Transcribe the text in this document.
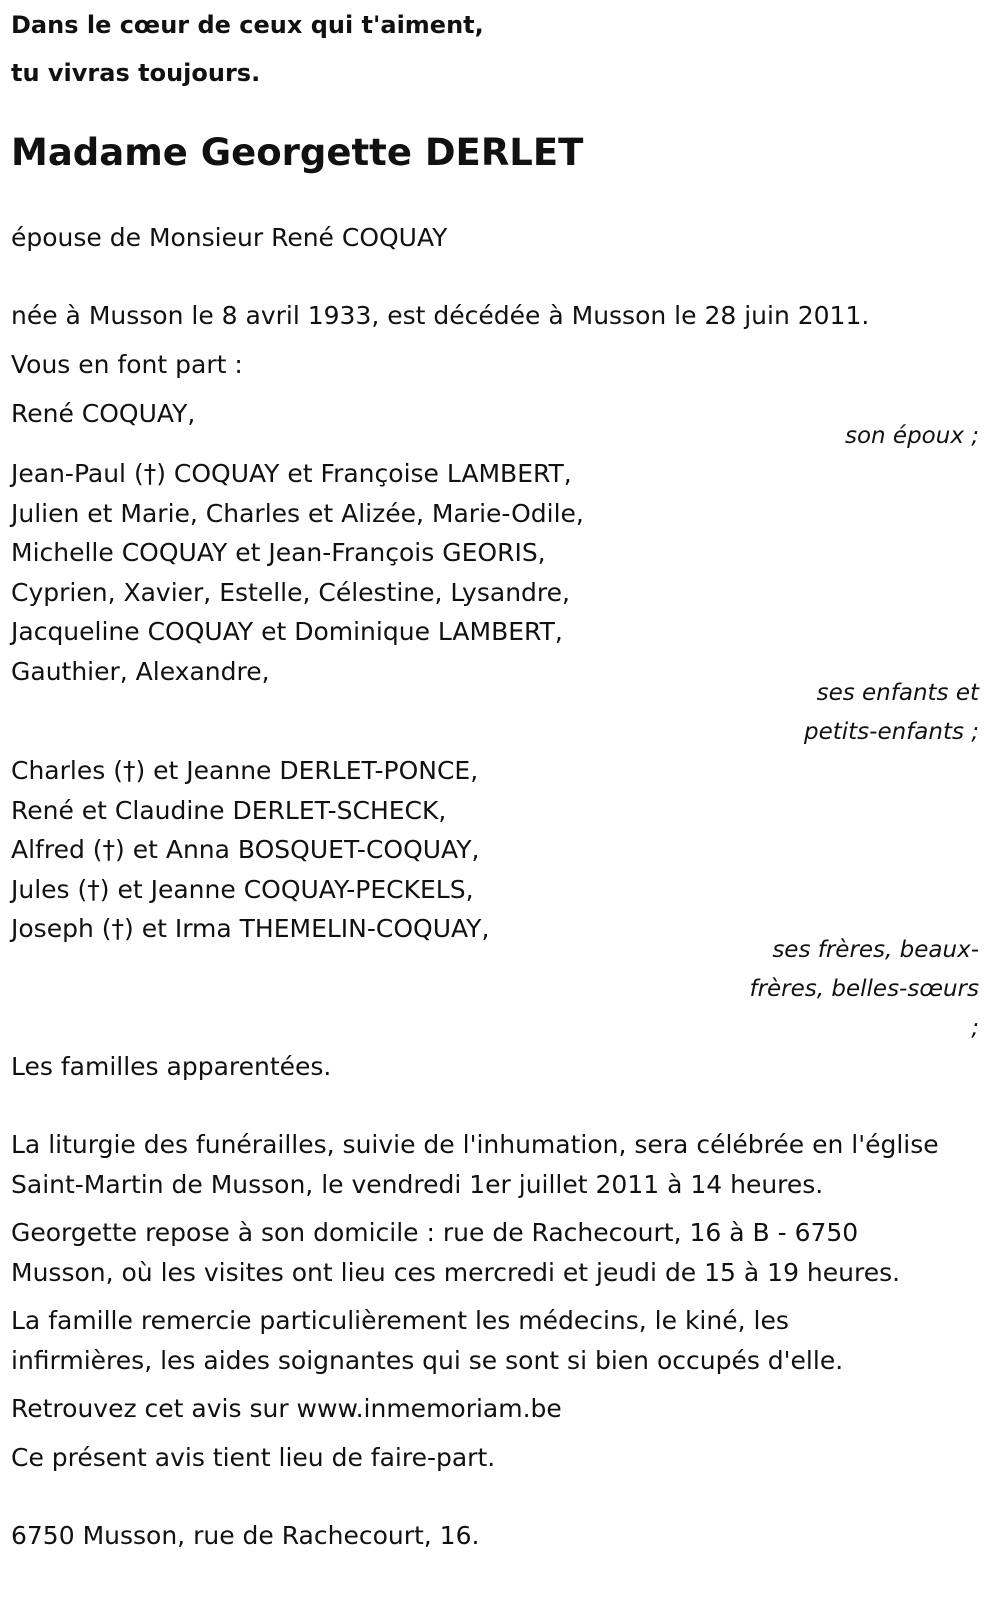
Dans le cœur de ceux qui t'aiment,
tu vivras toujours.
Madame Georgette DERLET
épouse de Monsieur René COQUAY
née à Musson le 8 avril 1933, est décédée à Musson le 28 juin 2011.
Vous en font part :
René COQUAY,
son époux ;
Jean-Paul (†) COQUAY et Françoise LAMBERT,
Julien et Marie, Charles et Alizée, Marie-Odile,
Michelle COQUAY et Jean-François GEORIS,
Cyprien, Xavier, Estelle, Célestine, Lysandre,
Jacqueline COQUAY et Dominique LAMBERT,
Gauthier, Alexandre,
ses enfants et
petits-enfants ;
Charles (†) et Jeanne DERLET-PONCE,
René et Claudine DERLET-SCHECK,
Alfred (†) et Anna BOSQUET-COQUAY,
Jules (†) et Jeanne COQUAY-PECKELS,
Joseph (†) et Irma THEMELIN-COQUAY,
ses frères, beaux-
frères, belles-sœurs
;
Les familles apparentées.
La liturgie des funérailles, suivie de l'inhumation, sera célébrée en l'église
Saint-Martin de Musson, le vendredi 1er juillet 2011 à 14 heures.
Georgette repose à son domicile : rue de Rachecourt, 16 à B - 6750
Musson, où les visites ont lieu ces mercredi et jeudi de 15 à 19 heures.
La famille remercie particulièrement les médecins, le kiné, les
infirmières, les aides soignantes qui se sont si bien occupés d'elle.
Retrouvez cet avis sur www.inmemoriam.be
Ce présent avis tient lieu de faire-part.
6750 Musson, rue de Rachecourt, 16.
